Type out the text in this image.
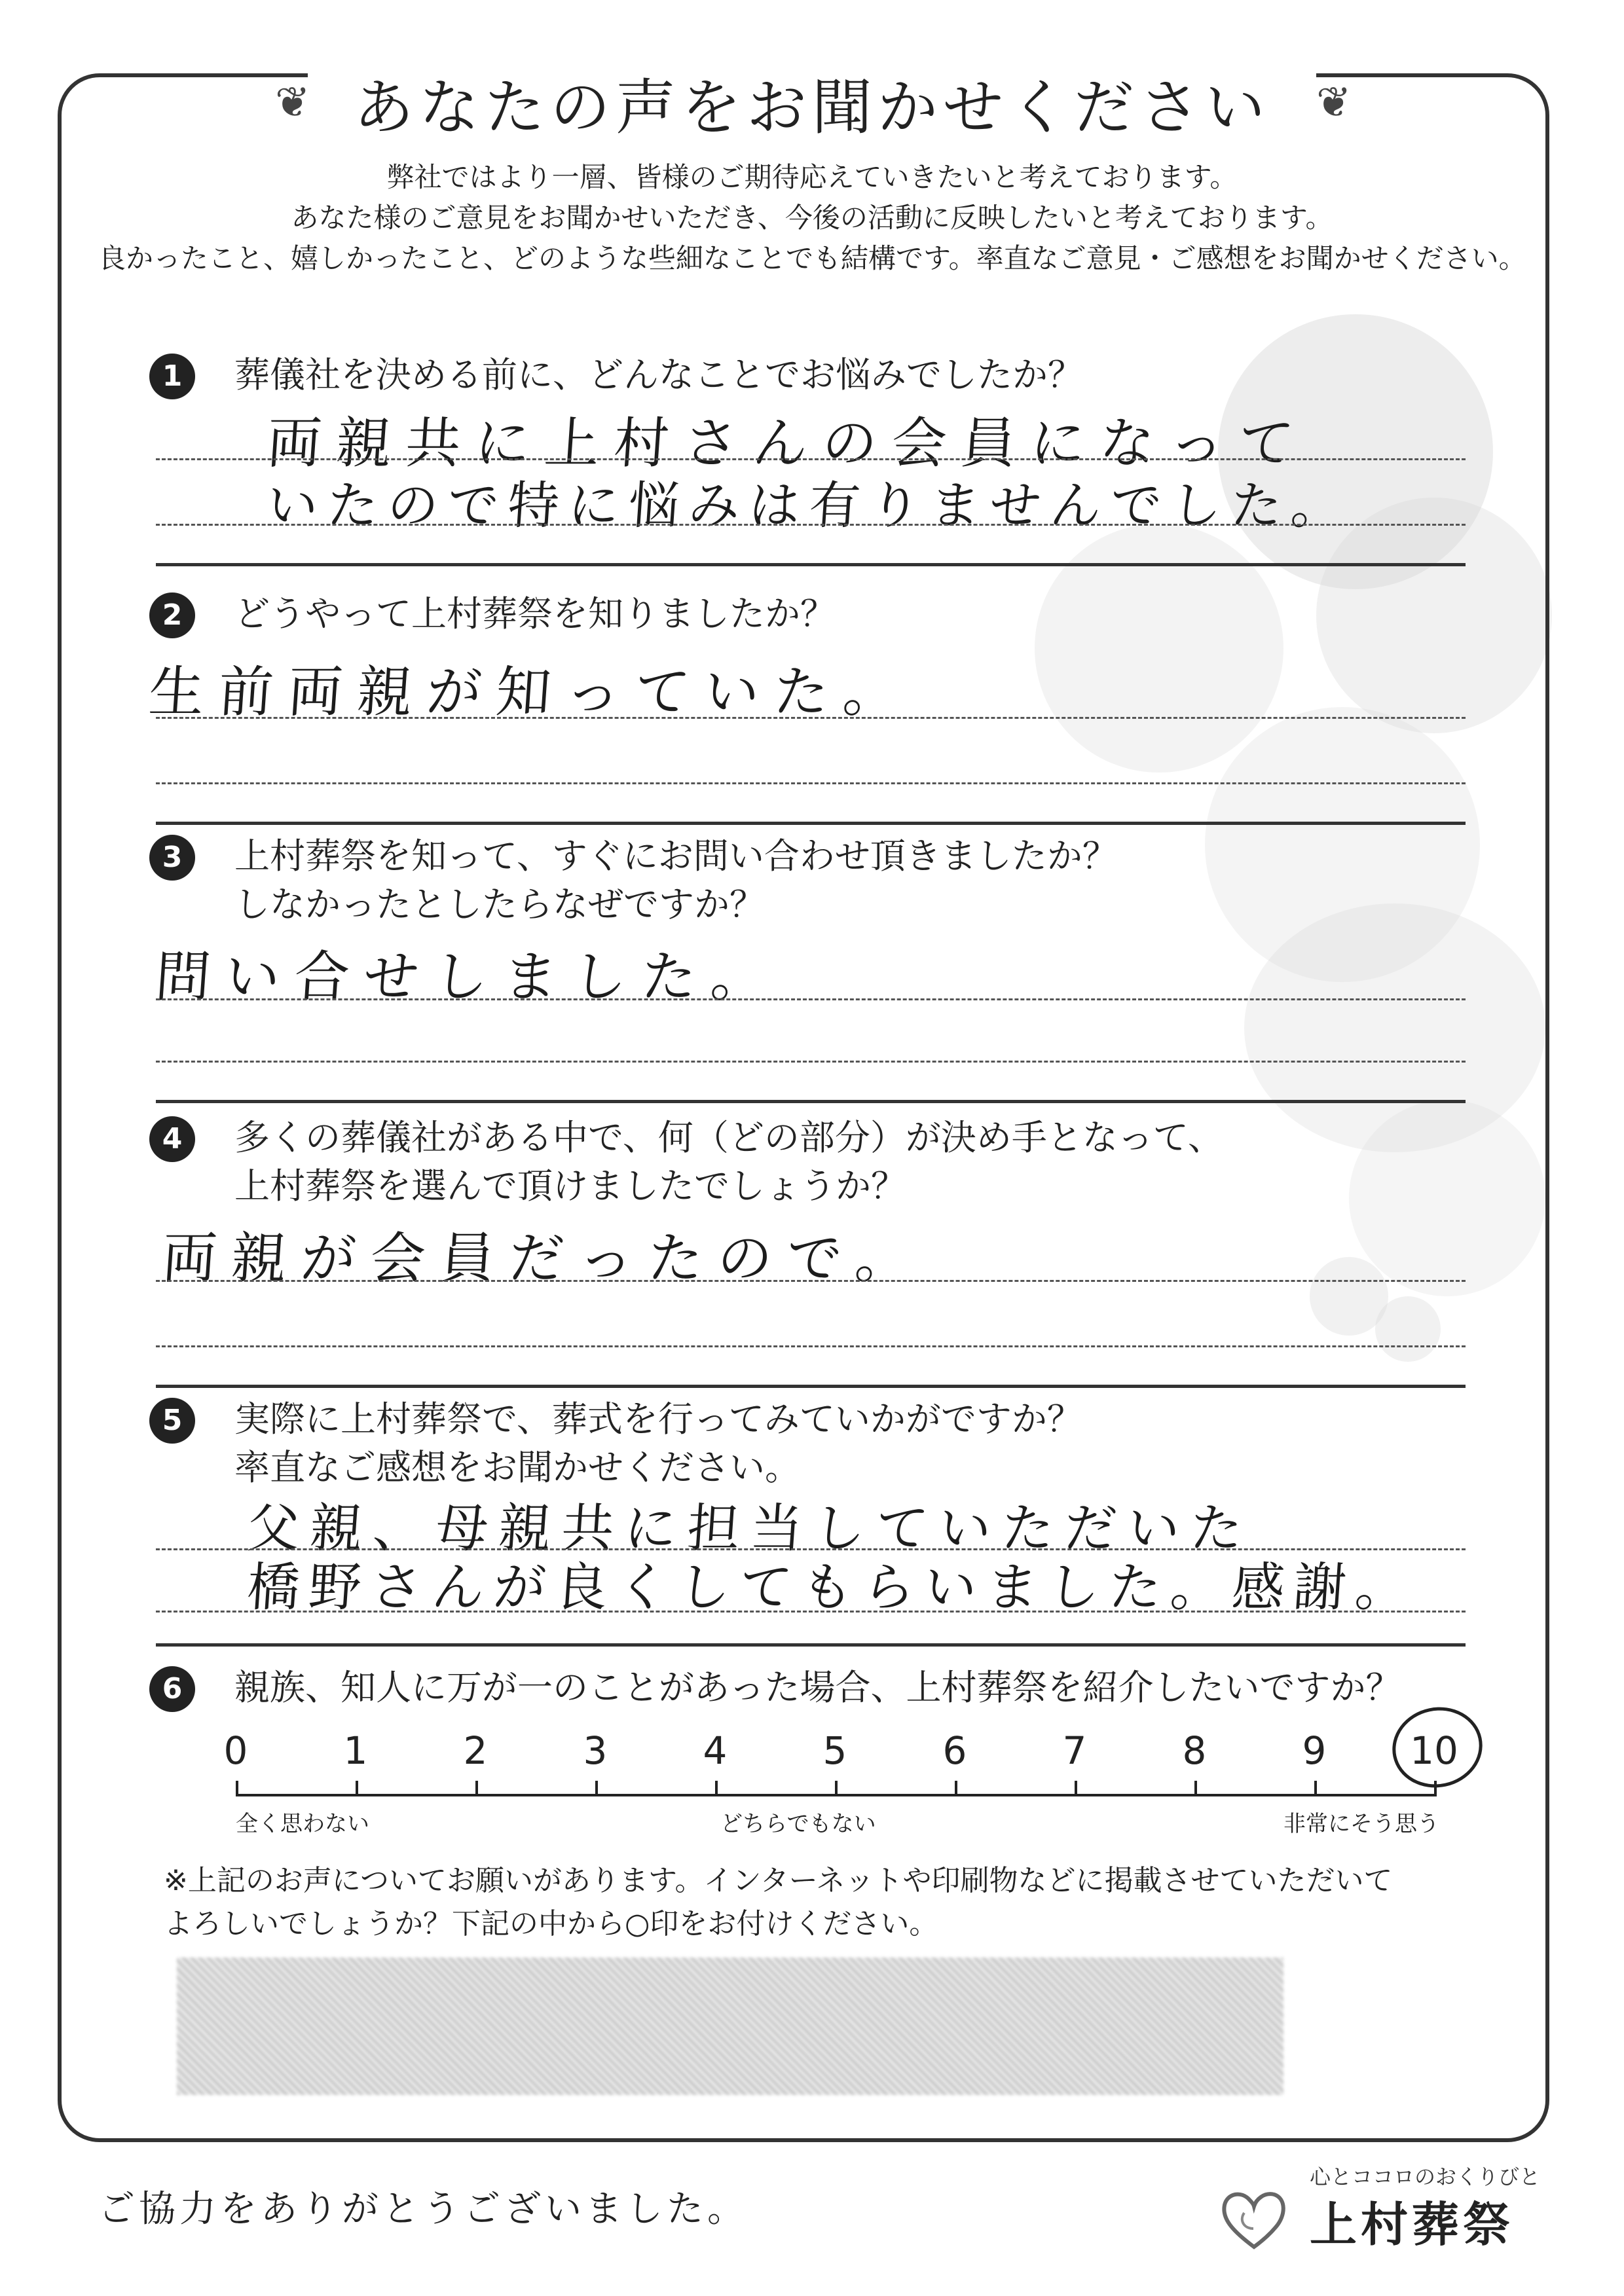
あなたの声をお聞かせください
❦	❦
弊社ではより一層、皆様のご期待応えていきたいと考えております。
あなた様のご意見をお聞かせいただき、今後の活動に反映したいと考えております。
良かったこと、嬉しかったこと、どのような些細なことでも結構です。率直なご意見・ご感想をお聞かせください。
1	葬儀社を決める前に、どんなことでお悩みでしたか？
両親共に上村さんの会員になって
いたので特に悩みは有りませんでした。
2	どうやって上村葬祭を知りましたか？
生前両親が知っていた。
3	上村葬祭を知って、すぐにお問い合わせ頂きましたか？
しなかったとしたらなぜですか？
問い合せしました。
4	多くの葬儀社がある中で、何（どの部分）が決め手となって、
上村葬祭を選んで頂けましたでしょうか？
両親が会員だったので。
5	実際に上村葬祭で、葬式を行ってみていかがですか？
率直なご感想をお聞かせください。
父親、母親共に担当していただいた
橋野さんが良くしてもらいました。感謝。
6	親族、知人に万が一のことがあった場合、上村葬祭を紹介したいですか？
0	1	2	3	4	5	6	7	8	9	10
全く思わない	どちらでもない	非常にそう思う
※上記のお声についてお願いがあります。インターネットや印刷物などに掲載させていただいて
よろしいでしょうか？下記の中から○印をお付けください。
ご協力をありがとうございました。
心とココロのおくりびと
上村葬祭
